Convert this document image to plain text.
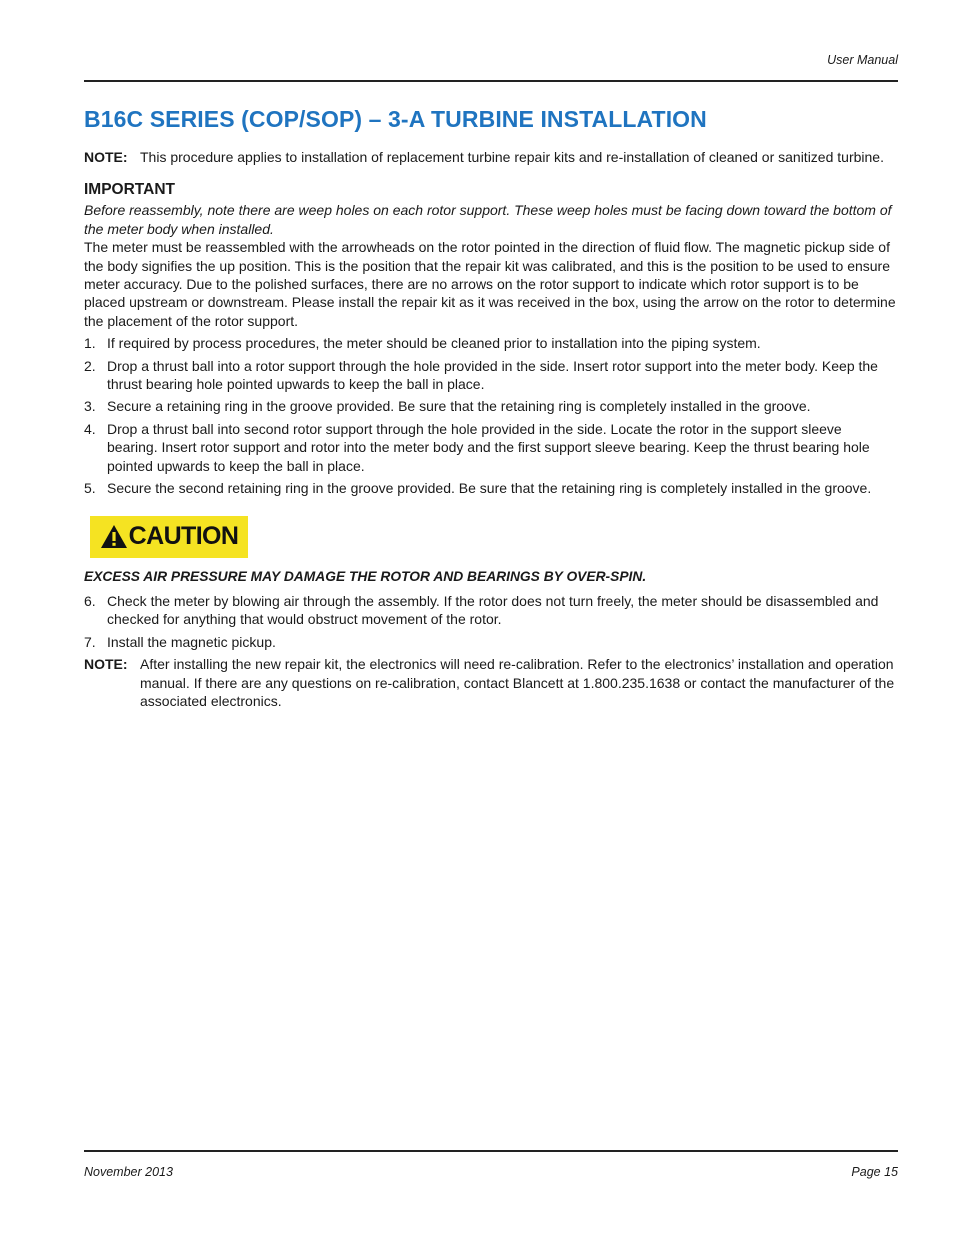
User Manual
B16C SERIES (COP/SOP) – 3-A TURBINE INSTALLATION
NOTE: This procedure applies to installation of replacement turbine repair kits and re-installation of cleaned or sanitized turbine.
IMPORTANT

Before reassembly, note there are weep holes on each rotor support. These weep holes must be facing down toward the bottom of the meter body when installed.

The meter must be reassembled with the arrowheads on the rotor pointed in the direction of fluid flow. The magnetic pickup side of the body signifies the up position. This is the position that the repair kit was calibrated, and this is the position to be used to ensure meter accuracy. Due to the polished surfaces, there are no arrows on the rotor support to indicate which rotor support is to be placed upstream or downstream. Please install the repair kit as it was received in the box, using the arrow on the rotor to determine the placement of the rotor support.

1. If required by process procedures, the meter should be cleaned prior to installation into the piping system.
2. Drop a thrust ball into a rotor support through the hole provided in the side. Insert rotor support into the meter body. Keep the thrust bearing hole pointed upwards to keep the ball in place.
3. Secure a retaining ring in the groove provided. Be sure that the retaining ring is completely installed in the groove.
4. Drop a thrust ball into second rotor support through the hole provided in the side. Locate the rotor in the support sleeve bearing. Insert rotor support and rotor into the meter body and the first support sleeve bearing. Keep the thrust bearing hole pointed upwards to keep the ball in place.
5. Secure the second retaining ring in the groove provided. Be sure that the retaining ring is completely installed in the groove.
CAUTION

EXCESS AIR PRESSURE MAY DAMAGE THE ROTOR AND BEARINGS BY OVER-SPIN.

6. Check the meter by blowing air through the assembly. If the rotor does not turn freely, the meter should be disassembled and checked for anything that would obstruct movement of the rotor.
7. Install the magnetic pickup.
NOTE: After installing the new repair kit, the electronics will need re-calibration. Refer to the electronics’ installation and operation manual. If there are any questions on re-calibration, contact Blancett at 1.800.235.1638 or contact the manufacturer of the associated electronics.
November 2013	Page 15
